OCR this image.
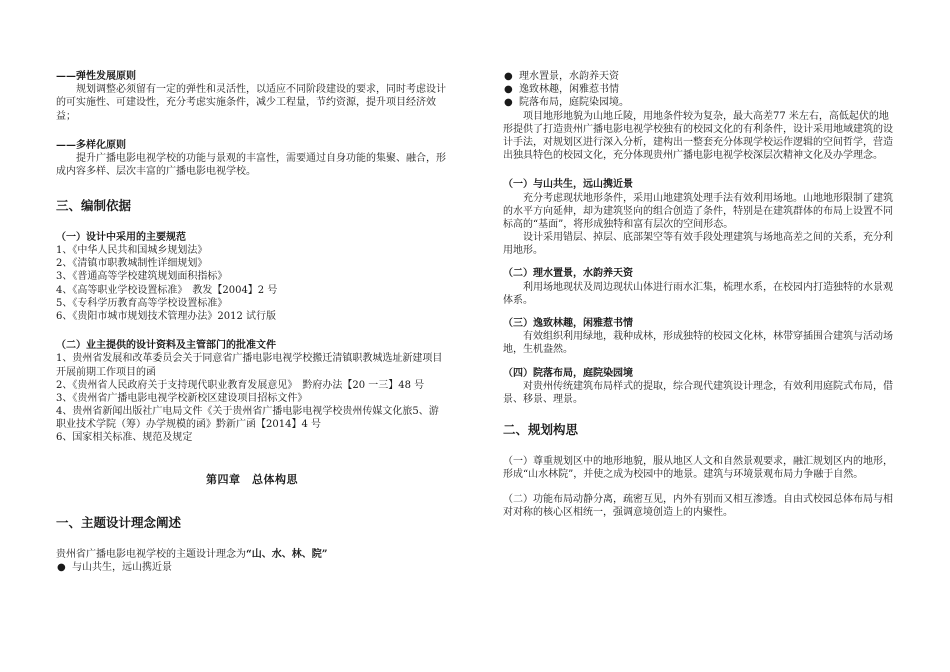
——弹性发展原则

规划调整必须留有一定的弹性和灵活性，以适应不同阶段建设的要求，同时考虑设计的可实施性、可建设性，充分考虑实施条件，减少工程量，节约资源，提升项目经济效益；

——多样化原则

提升广播电影电视学校的功能与景观的丰富性，需要通过自身功能的集聚、融合，形成内容多样、层次丰富的广播电影电视学校。

三、编制依据

（一）设计中采用的主要规范

1、《中华人民共和国城乡规划法》
2、《清镇市职教城制性详细规划》
3、《普通高等学校建筑规划面积指标》
4、《高等职业学校设置标准》　教发【2004】2 号
5、《专科学历教育高等学校设置标准》
6、《贵阳市城市规划技术管理办法》2012 试行版

（二）业主提供的设计资料及主管部门的批准文件

1、贵州省发展和改革委员会关于同意省广播电影电视学校搬迁清镇职教城选址新建项目开展前期工作项目的函
2、《贵州省人民政府关于支持现代职业教育发展意见》　黔府办法【20 一三】48 号
3、《贵州省广播电影电视学校新校区建设项目招标文件》
4、贵州省新闻出版社广电局文件《关于贵州省广播电影电视学校贵州传媒文化旅5、游职业技术学院（筹）办学规模的函》黔新广函【2014】4 号
6、国家相关标准、规范及规定

第四章　总体构思

一、主题设计理念阐述

贵州省广播电影电视学校的主题设计理念为“山、水、林、院”

● 与山共生，远山携近景

● 理水置景，水韵养天资

● 逸致林趣，闲雅惹书情

● 院落布局，庭院染园境。

项目地形地貌为山地丘陵，用地条件较为复杂，最大高差77 米左右，高低起伏的地形提供了打造贵州广播电影电视学校独有的校园文化的有利条件，设计采用地域建筑的设计手法，对规划区进行深入分析，建构出一整套充分体现学校运作逻辑的空间哲学，营造出独具特色的校园文化，充分体现贵州广播电影电视学校深层次精神文化及办学理念。

（一）与山共生，远山携近景

充分考虑现状地形条件，采用山地建筑处理手法有效利用场地。山地地形限制了建筑的水平方向延伸，却为建筑竖向的组合创造了条件，特别是在建筑群体的布局上设置不同标高的“基面”，将形成独特和富有层次的空间形态。

设计采用错层、掉层、底部架空等有效手段处理建筑与场地高差之间的关系，充分利用地形。

（二）理水置景，水韵养天资

利用场地现状及周边现状山体进行雨水汇集，梳理水系，在校园内打造独特的水景观体系。

（三）逸致林趣，闲雅惹书情

有效组织利用绿地，栽种成林，形成独特的校园文化林，林带穿插围合建筑与活动场地，生机盎然。

（四）院落布局，庭院染园境

对贵州传统建筑布局样式的提取，综合现代建筑设计理念，有效利用庭院式布局，借景、移景、理景。

二、规划构思

（一）尊重规划区中的地形地貌，服从地区人文和自然景观要求，融汇规划区内的地形，形成“山水林院”，并使之成为校园中的地景。建筑与环境景观布局力争融于自然。

（二）功能布局动静分离，疏密互见，内外有别而又相互渗透。自由式校园总体布局与相对对称的核心区相统一，强调意境创造上的内聚性。
